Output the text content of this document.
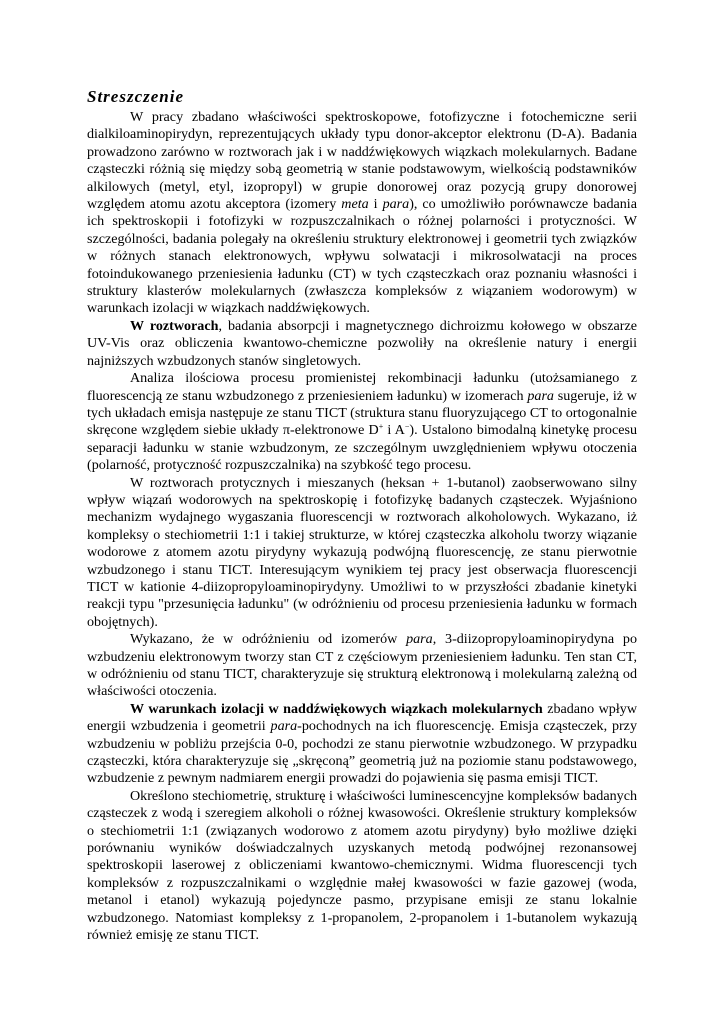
Streszczenie

W pracy zbadano właściwości spektroskopowe, fotofizyczne i fotochemiczne serii dialkiloaminopirydyn, reprezentujących układy typu donor-akceptor elektronu (D-A). Badania prowadzono zarówno w roztworach jak i w naddźwiękowych wiązkach molekularnych. Badane cząsteczki różnią się między sobą geometrią w stanie podstawowym, wielkością podstawników alkilowych (metyl, etyl, izopropyl) w grupie donorowej oraz pozycją grupy donorowej względem atomu azotu akceptora (izomery meta i para), co umożliwiło porównawcze badania ich spektroskopii i fotofizyki w rozpuszczalnikach o różnej polarności i protyczności. W szczególności, badania polegały na określeniu struktury elektronowej i geometrii tych związków w różnych stanach elektronowych, wpływu solwatacji i mikrosolwatacji na proces fotoindukowanego przeniesienia ładunku (CT) w tych cząsteczkach oraz poznaniu własności i struktury klasterów molekularnych (zwłaszcza kompleksów z wiązaniem wodorowym) w warunkach izolacji w wiązkach naddźwiękowych.

W roztworach, badania absorpcji i magnetycznego dichroizmu kołowego w obszarze UV-Vis oraz obliczenia kwantowo-chemiczne pozwoliły na określenie natury i energii najniższych wzbudzonych stanów singletowych.

Analiza ilościowa procesu promienistej rekombinacji ładunku (utożsamianego z fluorescencją ze stanu wzbudzonego z przeniesieniem ładunku) w izomerach para sugeruje, iż w tych układach emisja następuje ze stanu TICT (struktura stanu fluoryzującego CT to ortogonalnie skręcone względem siebie układy π-elektronowe D+ i A−). Ustalono bimodalną kinetykę procesu separacji ładunku w stanie wzbudzonym, ze szczególnym uwzględnieniem wpływu otoczenia (polarność, protyczność rozpuszczalnika) na szybkość tego procesu.

W roztworach protycznych i mieszanych (heksan + 1-butanol) zaobserwowano silny wpływ wiązań wodorowych na spektroskopię i fotofizykę badanych cząsteczek. Wyjaśniono mechanizm wydajnego wygaszania fluorescencji w roztworach alkoholowych. Wykazano, iż kompleksy o stechiometrii 1:1 i takiej strukturze, w której cząsteczka alkoholu tworzy wiązanie wodorowe z atomem azotu pirydyny wykazują podwójną fluorescencję, ze stanu pierwotnie wzbudzonego i stanu TICT. Interesującym wynikiem tej pracy jest obserwacja fluorescencji TICT w kationie 4-diizopropyloaminopirydyny. Umożliwi to w przyszłości zbadanie kinetyki reakcji typu "przesunięcia ładunku" (w odróżnieniu od procesu przeniesienia ładunku w formach obojętnych).

Wykazano, że w odróżnieniu od izomerów para, 3-diizopropyloaminopirydyna po wzbudzeniu elektronowym tworzy stan CT z częściowym przeniesieniem ładunku. Ten stan CT, w odróżnieniu od stanu TICT, charakteryzuje się strukturą elektronową i molekularną zależną od właściwości otoczenia.

W warunkach izolacji w naddźwiękowych wiązkach molekularnych zbadano wpływ energii wzbudzenia i geometrii para-pochodnych na ich fluorescencję. Emisja cząsteczek, przy wzbudzeniu w pobliżu przejścia 0-0, pochodzi ze stanu pierwotnie wzbudzonego. W przypadku cząsteczki, która charakteryzuje się „skręconą” geometrią już na poziomie stanu podstawowego, wzbudzenie z pewnym nadmiarem energii prowadzi do pojawienia się pasma emisji TICT.

Określono stechiometrię, strukturę i właściwości luminescencyjne kompleksów badanych cząsteczek z wodą i szeregiem alkoholi o różnej kwasowości. Określenie struktury kompleksów o stechiometrii 1:1 (związanych wodorowo z atomem azotu pirydyny) było możliwe dzięki porównaniu wyników doświadczalnych uzyskanych metodą podwójnej rezonansowej spektroskopii laserowej z obliczeniami kwantowo-chemicznymi. Widma fluorescencji tych kompleksów z rozpuszczalnikami o względnie małej kwasowości w fazie gazowej (woda, metanol i etanol) wykazują pojedyncze pasmo, przypisane emisji ze stanu lokalnie wzbudzonego. Natomiast kompleksy z 1-propanolem, 2-propanolem i 1-butanolem wykazują również emisję ze stanu TICT.
